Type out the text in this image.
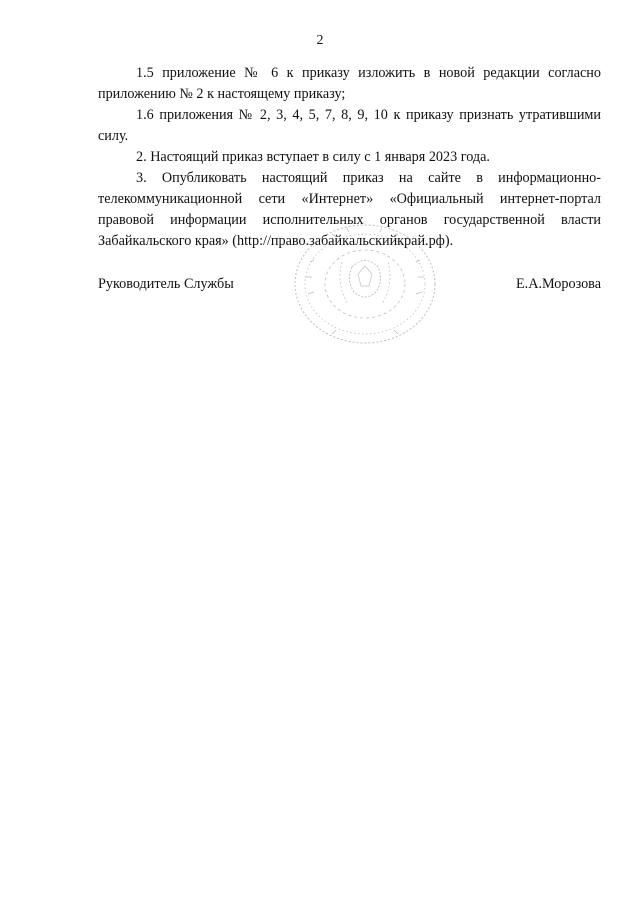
2

1.5 приложение № 6 к приказу изложить в новой редакции согласно приложению № 2 к настоящему приказу;

1.6 приложения № 2, 3, 4, 5, 7, 8, 9, 10 к приказу признать утратившими силу.

2. Настоящий приказ вступает в силу с 1 января 2023 года.

3. Опубликовать настоящий приказ на сайте в информационно-телекоммуникационной сети «Интернет» «Официальный интернет-портал правовой информации исполнительных органов государственной власти Забайкальского края» (http://право.забайкальскийкрай.рф).

Руководитель Службы	Е.А.Морозова
